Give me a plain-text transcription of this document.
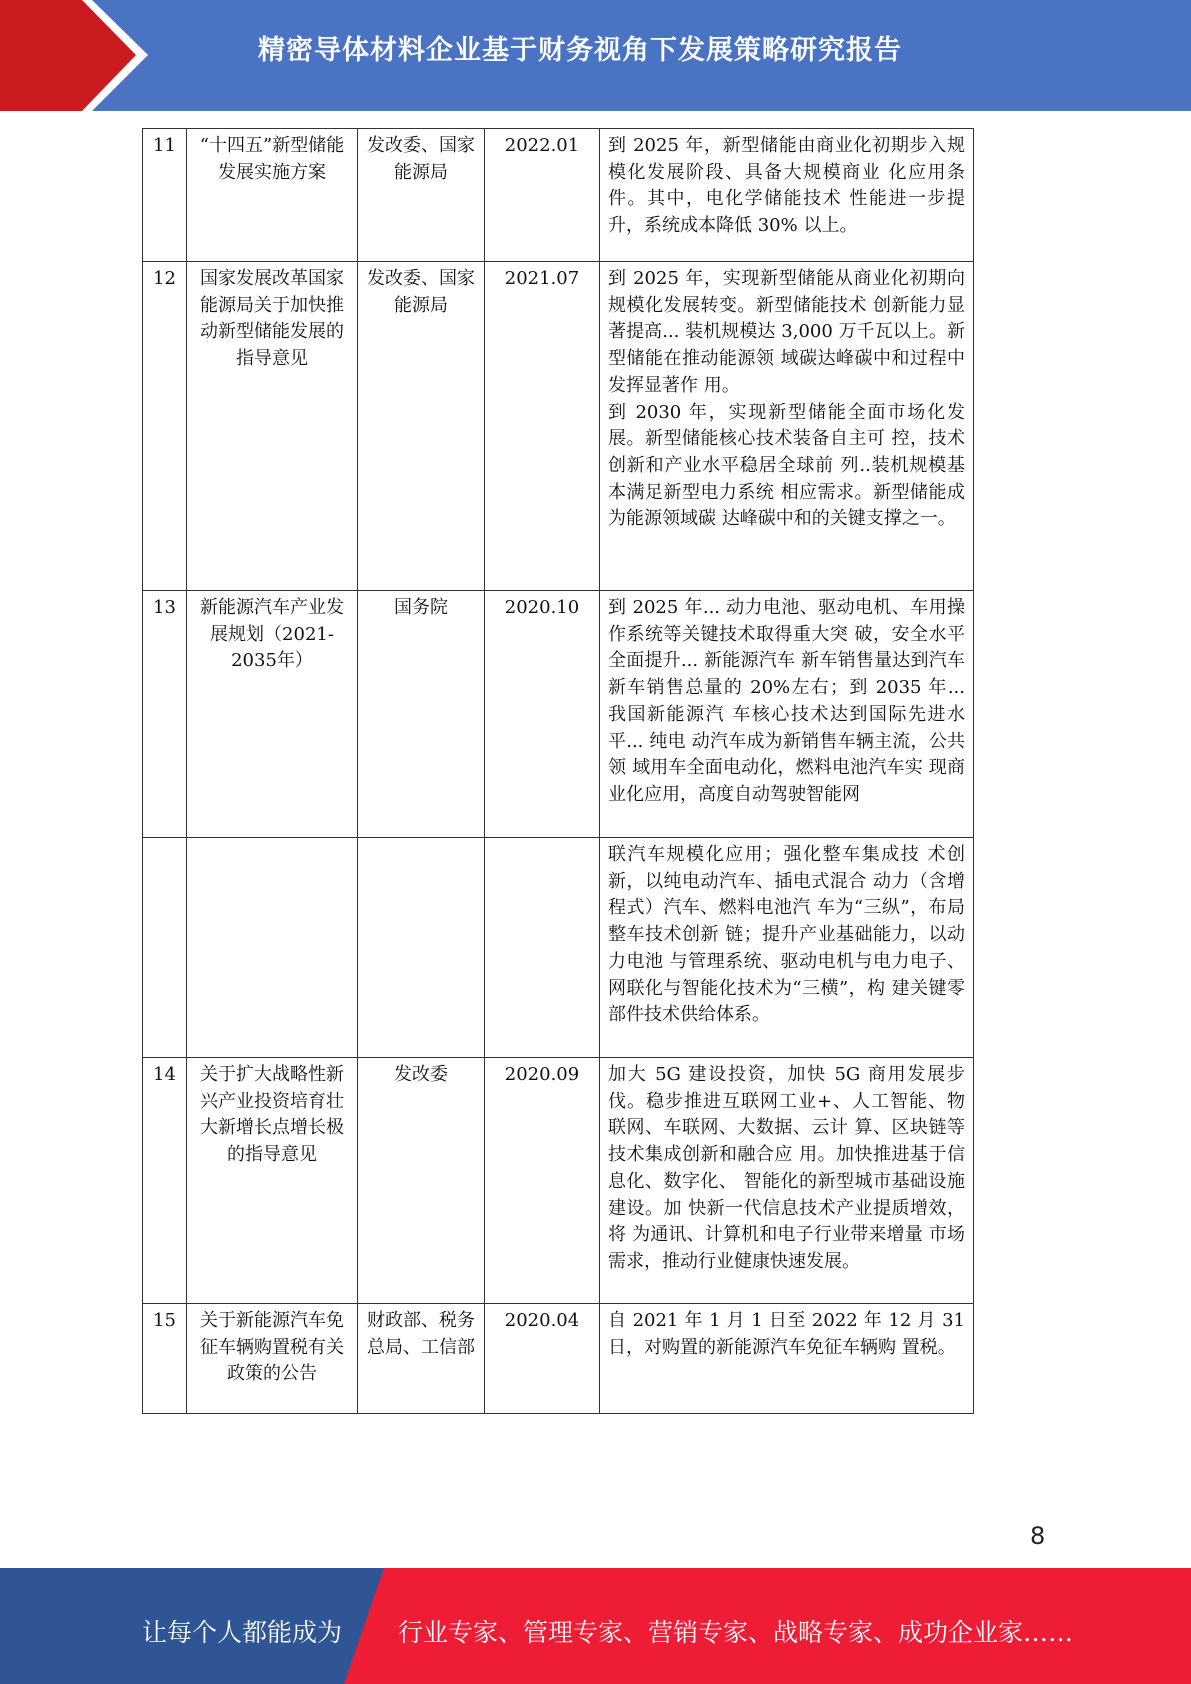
精密导体材料企业基于财务视角下发展策略研究报告
11	“十四五”新型储能发展实施方案	发改委、国家能源局	2022.01	到 2025 年，新型储能由商业化初期步入规模化发展阶段、具备大规模商业 化应用条件。其中，电化学储能技术 性能进一步提升，系统成本降低 30% 以上。

12	国家发展改革国家能源局关于加快推动新型储能发展的指导意见	发改委、国家能源局	2021.07	到 2025 年，实现新型储能从商业化初期向规模化发展转变。新型储能技术 创新能力显著提高... 装机规模达 3,000 万千瓦以上。新型储能在推动能源领 域碳达峰碳中和过程中发挥显著作 用。
到 2030 年，实现新型储能全面市场化发展。新型储能核心技术装备自主可 控，技术创新和产业水平稳居全球前 列..装机规模基本满足新型电力系统 相应需求。新型储能成为能源领域碳 达峰碳中和的关键支撑之一。

13	新能源汽车产业发展规划（2021-2035年）	国务院	2020.10	到 2025 年... 动力电池、驱动电机、车用操作系统等关键技术取得重大突 破，安全水平全面提升... 新能源汽车 新车销售量达到汽车新车销售总量的 20%左右；到 2035 年... 我国新能源汽 车核心技术达到国际先进水平... 纯电 动汽车成为新销售车辆主流，公共领 域用车全面电动化，燃料电池汽车实 现商业化应用，高度自动驾驶智能网

				联汽车规模化应用；强化整车集成技 术创新，以纯电动汽车、插电式混合 动力（含增程式）汽车、燃料电池汽 车为“三纵”，布局整车技术创新 链；提升产业基础能力，以动力电池 与管理系统、驱动电机与电力电子、 网联化与智能化技术为“三横”，构 建关键零部件技术供给体系。

14	关于扩大战略性新兴产业投资培育壮大新增长点增长极的指导意见	发改委	2020.09	加大 5G 建设投资，加快 5G 商用发展步伐。稳步推进互联网工业+、人工智能、物联网、车联网、大数据、云计 算、区块链等技术集成创新和融合应 用。加快推进基于信息化、数字化、 智能化的新型城市基础设施建设。加 快新一代信息技术产业提质增效，将 为通讯、计算机和电子行业带来增量 市场需求，推动行业健康快速发展。

15	关于新能源汽车免征车辆购置税有关政策的公告	财政部、税务总局、工信部	2020.04	自 2021 年 1 月 1 日至 2022 年 12 月 31 日，对购置的新能源汽车免征车辆购 置税。
8
让每个人都能成为 行业专家、管理专家、营销专家、战略专家、成功企业家……
